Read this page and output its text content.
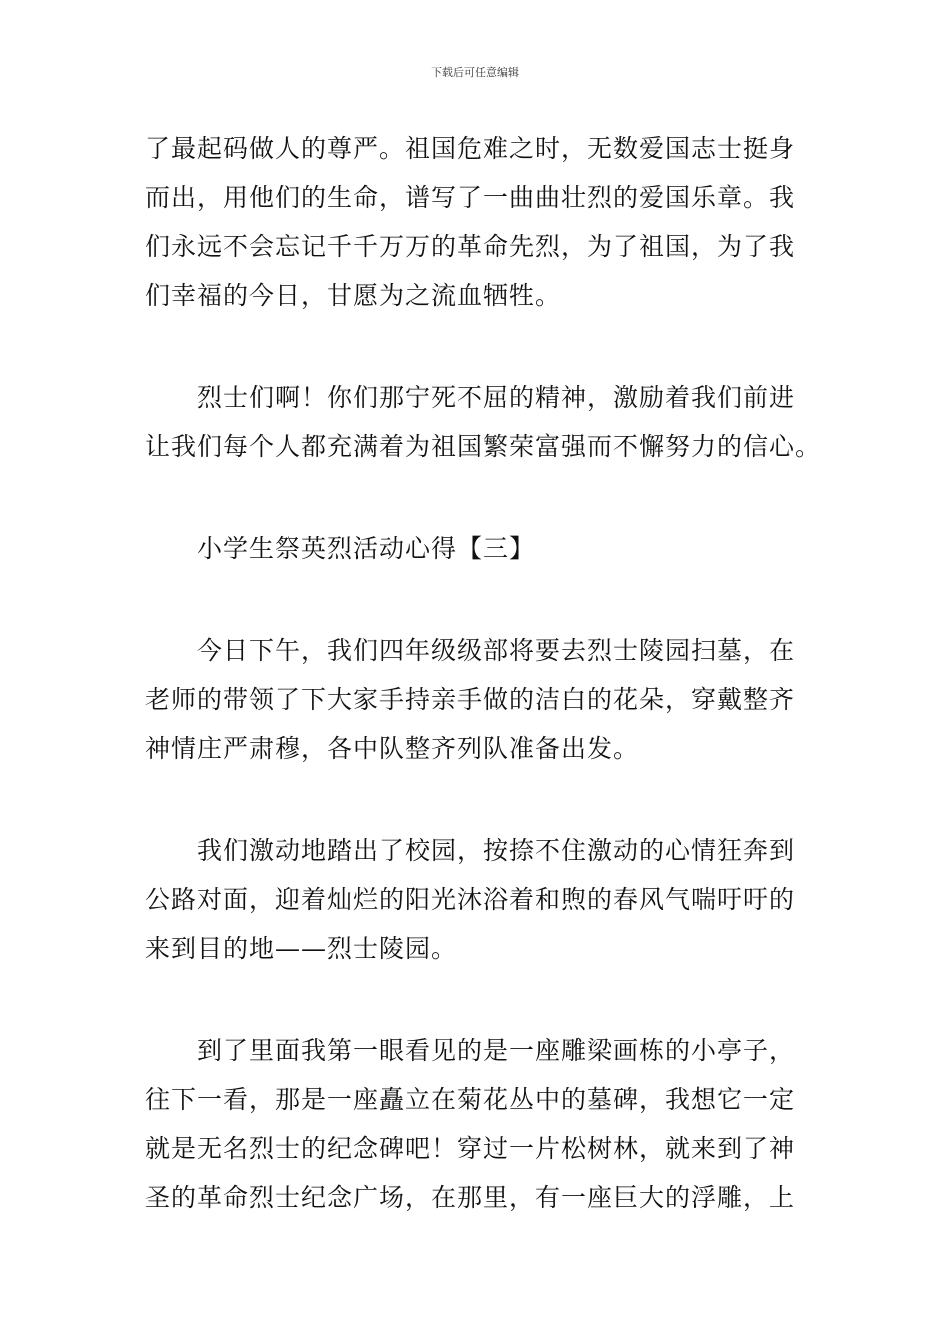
下载后可任意编辑
了最起码做人的尊严。祖国危难之时，无数爱国志士挺身
而出，用他们的生命，谱写了一曲曲壮烈的爱国乐章。我
们永远不会忘记千千万万的革命先烈，为了祖国，为了我
们幸福的今日，甘愿为之流血牺牲。
烈士们啊！你们那宁死不屈的精神，激励着我们前进
让我们每个人都充满着为祖国繁荣富强而不懈努力的信心。
小学生祭英烈活动心得【三】
今日下午，我们四年级级部将要去烈士陵园扫墓，在
老师的带领了下大家手持亲手做的洁白的花朵，穿戴整齐
神情庄严肃穆，各中队整齐列队准备出发。
我们激动地踏出了校园，按捺不住激动的心情狂奔到
公路对面，迎着灿烂的阳光沐浴着和煦的春风气喘吁吁的
来到目的地——烈士陵园。
到了里面我第一眼看见的是一座雕梁画栋的小亭子，
往下一看，那是一座矗立在菊花丛中的墓碑，我想它一定
就是无名烈士的纪念碑吧！穿过一片松树林，就来到了神
圣的革命烈士纪念广场，在那里，有一座巨大的浮雕，上
